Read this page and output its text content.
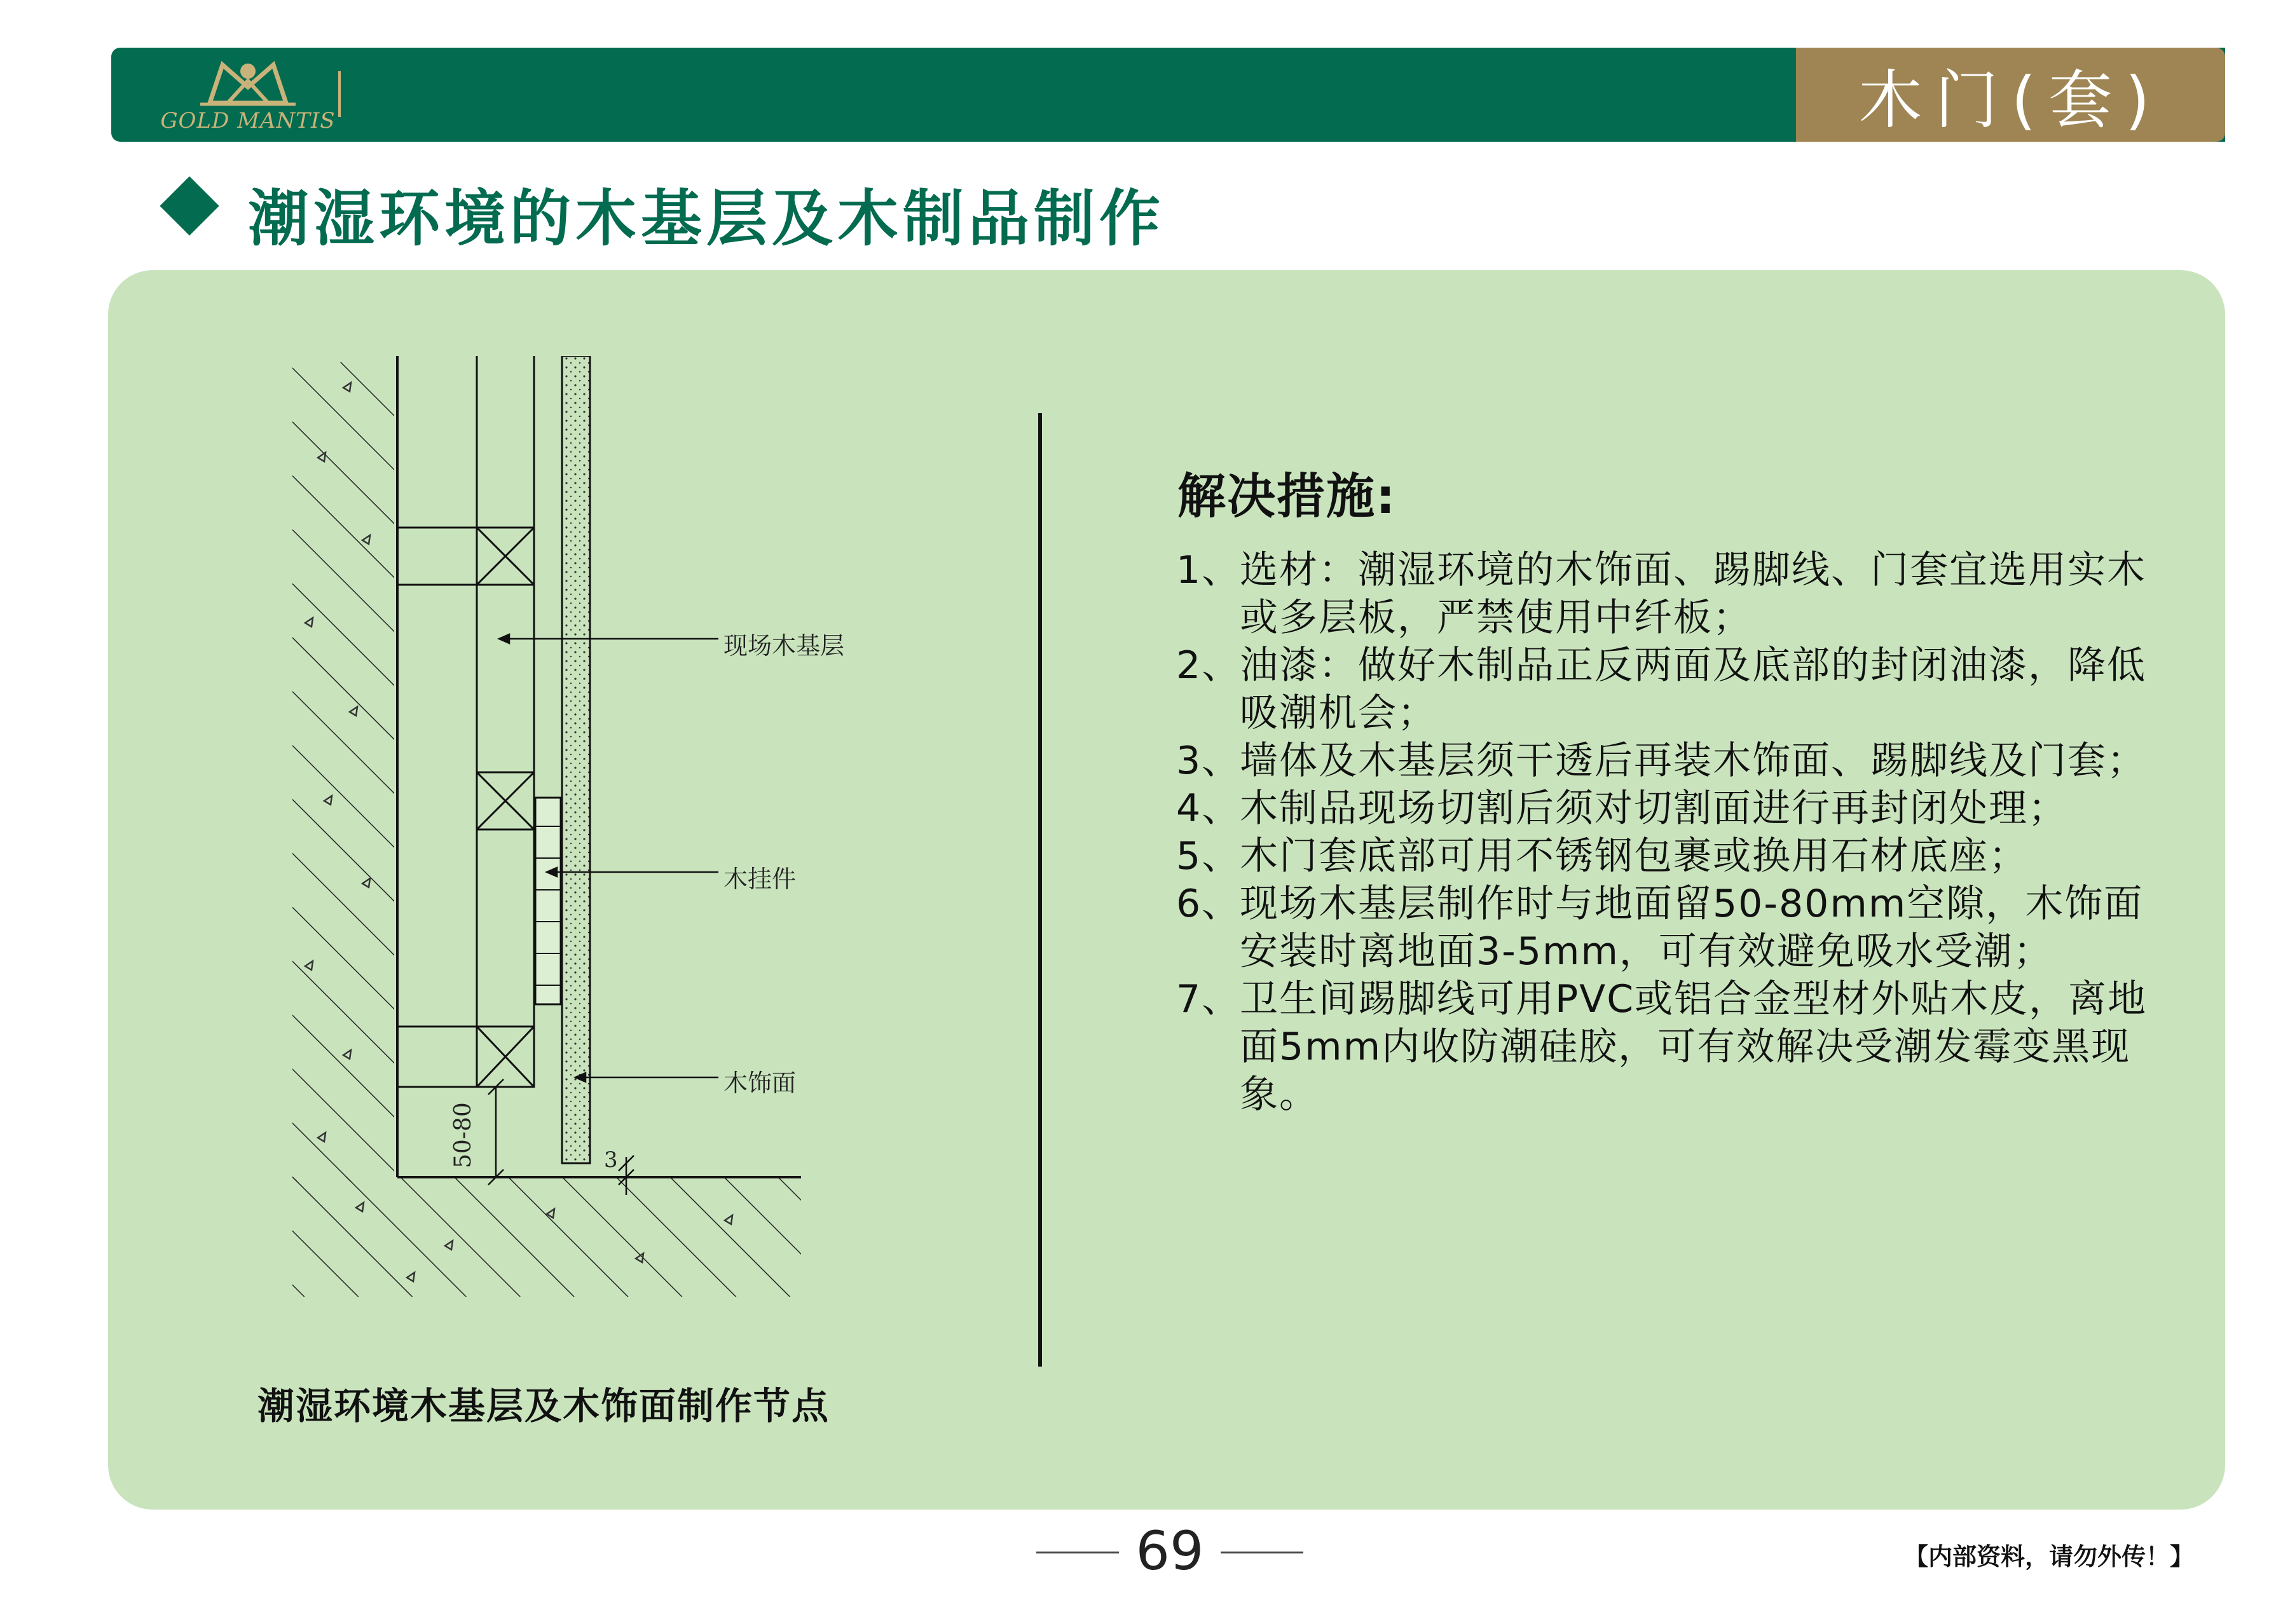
GOLD MANTIS	木门(套)
潮湿环境的木基层及木制品制作
现场木基层
木挂件
木饰面
50-80	3
潮湿环境木基层及木饰面制作节点
解决措施:
1、
选材：潮湿环境的木饰面、踢脚线、门套宜选用实木或多层板，严禁使用中纤板；
2、
油漆：做好木制品正反两面及底部的封闭油漆，降低吸潮机会；
3、
墙体及木基层须干透后再装木饰面、踢脚线及门套；
4、
木制品现场切割后须对切割面进行再封闭处理；
5、
木门套底部可用不锈钢包裹或换用石材底座；
6、
现场木基层制作时与地面留50-80mm空隙，木饰面安装时离地面3-5mm，可有效避免吸水受潮；
7、
卫生间踢脚线可用PVC或铝合金型材外贴木皮，离地面5mm内收防潮硅胶，可有效解决受潮发霉变黑现象。
69	【内部资料，请勿外传！】
